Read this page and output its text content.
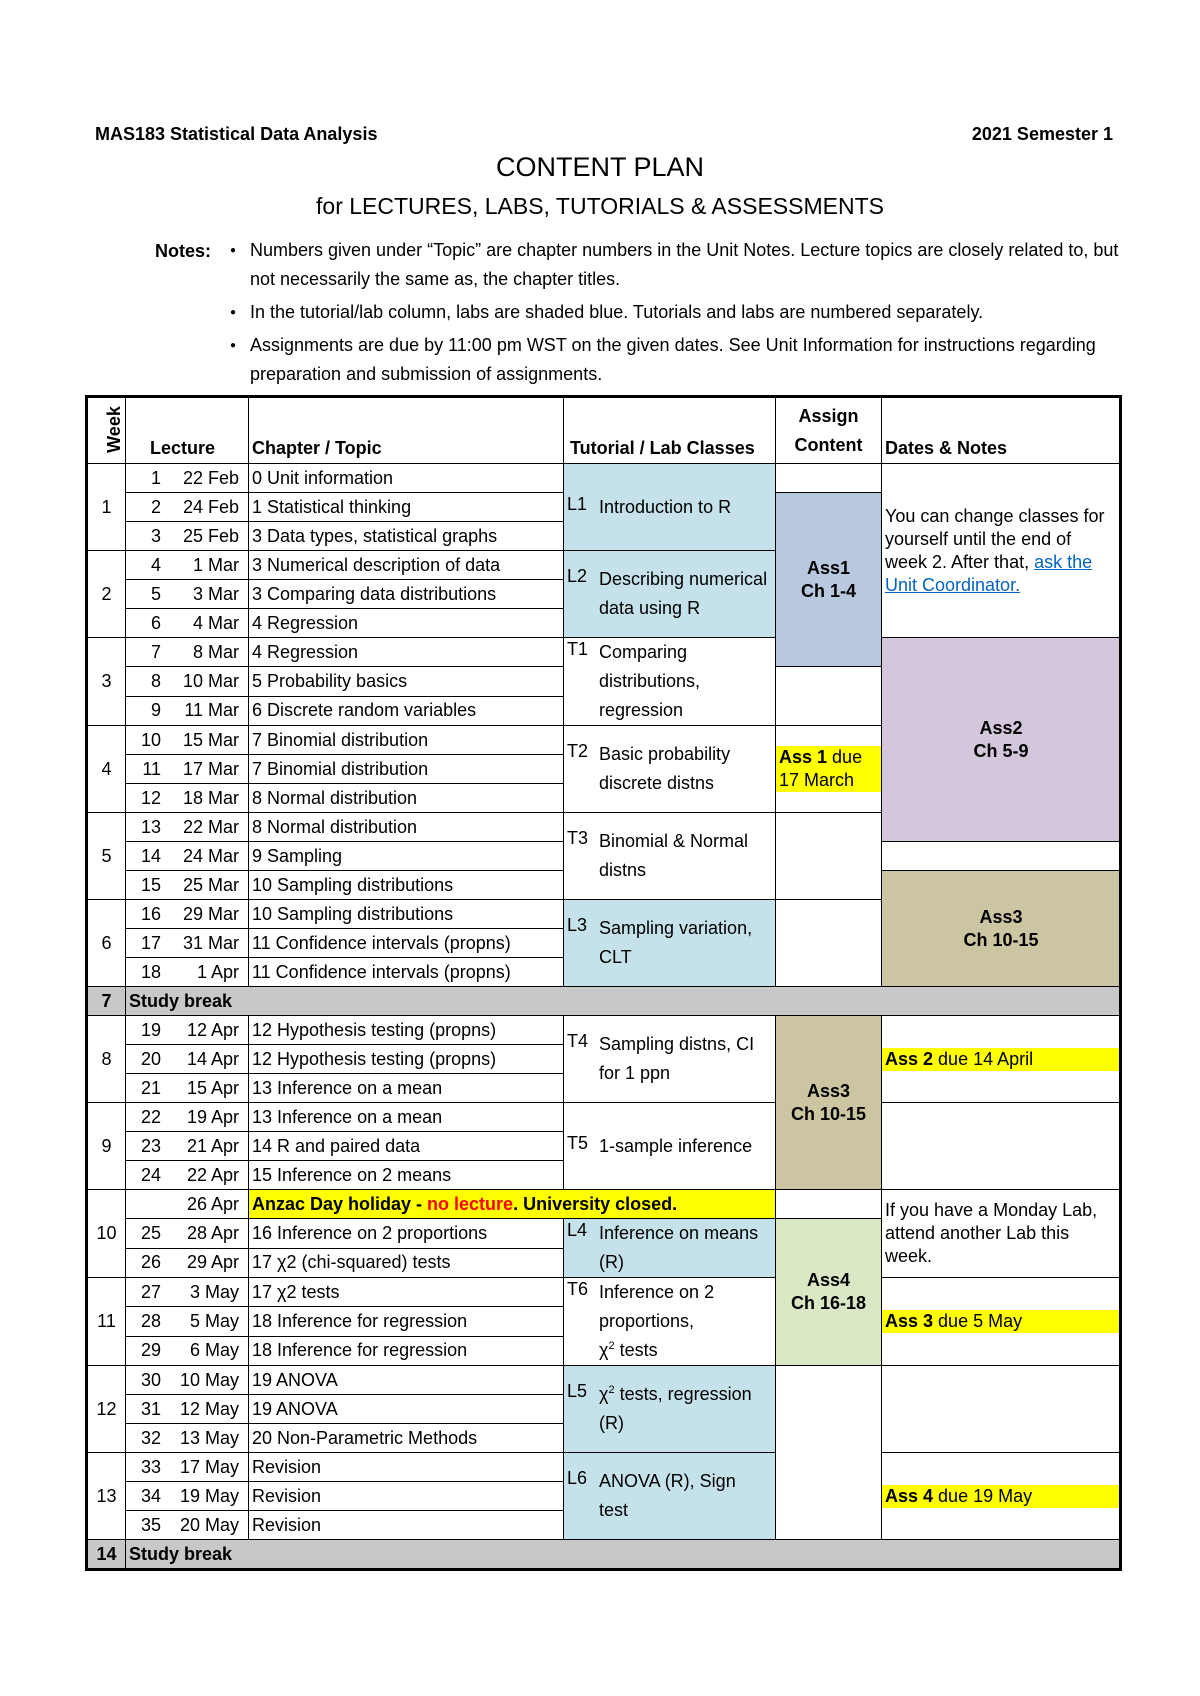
MAS183 Statistical Data Analysis	2021 Semester 1
CONTENT PLAN
for LECTURES, LABS, TUTORIALS & ASSESSMENTS
Notes:	● Numbers given under “Topic” are chapter numbers in the Unit Notes. Lecture topics are closely related to, but not necessarily the same as, the chapter titles.
● In the tutorial/lab column, labs are shaded blue. Tutorials and labs are numbered separately.
● Assignments are due by 11:00 pm WST on the given dates. See Unit Information for instructions regarding preparation and submission of assignments.
Week	Lecture	Chapter / Topic	Tutorial / Lab Classes	Assign Content	Dates & Notes	
1	1 22 Feb	0 Unit information	L1 Introduction to R		You can change classes for yourself until the end of week 2. After that, ask the Unit Coordinator.	
	2 24 Feb	1 Statistical thinking		Ass1
Ch 1-4		
	3 25 Feb	3 Data types, statistical graphs				
2	4 1 Mar	3 Numerical description of data	L2 Describing numerical data using R			
	5 3 Mar	3 Comparing data distributions				
	6 4 Mar	4 Regression				
3	7 8 Mar	4 Regression	T1 Comparing distributions, regression		Ass2
Ch 5-9	
	8 10 Mar	5 Probability basics				
	9 11 Mar	6 Discrete random variables				
4	10 15 Mar	7 Binomial distribution	T2 Basic probability discrete distns	Ass 1 due 17 March		

	11 17 Mar	7 Binomial distribution				
	12 18 Mar	8 Normal distribution				
5	13 22 Mar	8 Normal distribution	T3 Binomial & Normal distns			
	14 24 Mar	9 Sampling				
	15 25 Mar	10 Sampling distributions			Ass3
Ch 10-15	
6	16 29 Mar	10 Sampling distributions	L3 Sampling variation, CLT			
	17 31 Mar	11 Confidence intervals (propns)				
	18 1 Apr	11 Confidence intervals (propns)				
7	Study break					
8	19 12 Apr	12 Hypothesis testing (propns)	T4 Sampling distns, CI for 1 ppn	Ass3
Ch 10-15	Ass 2 due 14 April	

	20 14 Apr	12 Hypothesis testing (propns)				
	21 15 Apr	13 Inference on a mean				
9	22 19 Apr	13 Inference on a mean	T5 1-sample inference			
	23 21 Apr	14 R and paired data				
	24 22 Apr	15 Inference on 2 means				
10	26 Apr	Anzac Day holiday - no lecture. University closed.			If you have a Monday Lab, attend another Lab this week.	
	25 28 Apr	16 Inference on 2 proportions	L4 Inference on means (R)	Ass4
Ch 16-18		
	26 29 Apr	17 χ2 (chi-squared) tests				
11	27 3 May	17 χ2 tests	T6 Inference on 2 proportions,
$\chi^2$ tests		Ass 3 due 5 May	

	28 5 May	18 Inference for regression				
	29 6 May	18 Inference for regression				
12	30 10 May	19 ANOVA	L5 $\chi^2$ tests, regression (R)			
	31 12 May	19 ANOVA				
	32 13 May	20 Non-Parametric Methods				
13	33 17 May	Revision	L6 ANOVA (R), Sign test		Ass 4 due 19 May	

	34 19 May	Revision				
	35 20 May	Revision				
14	Study break					
